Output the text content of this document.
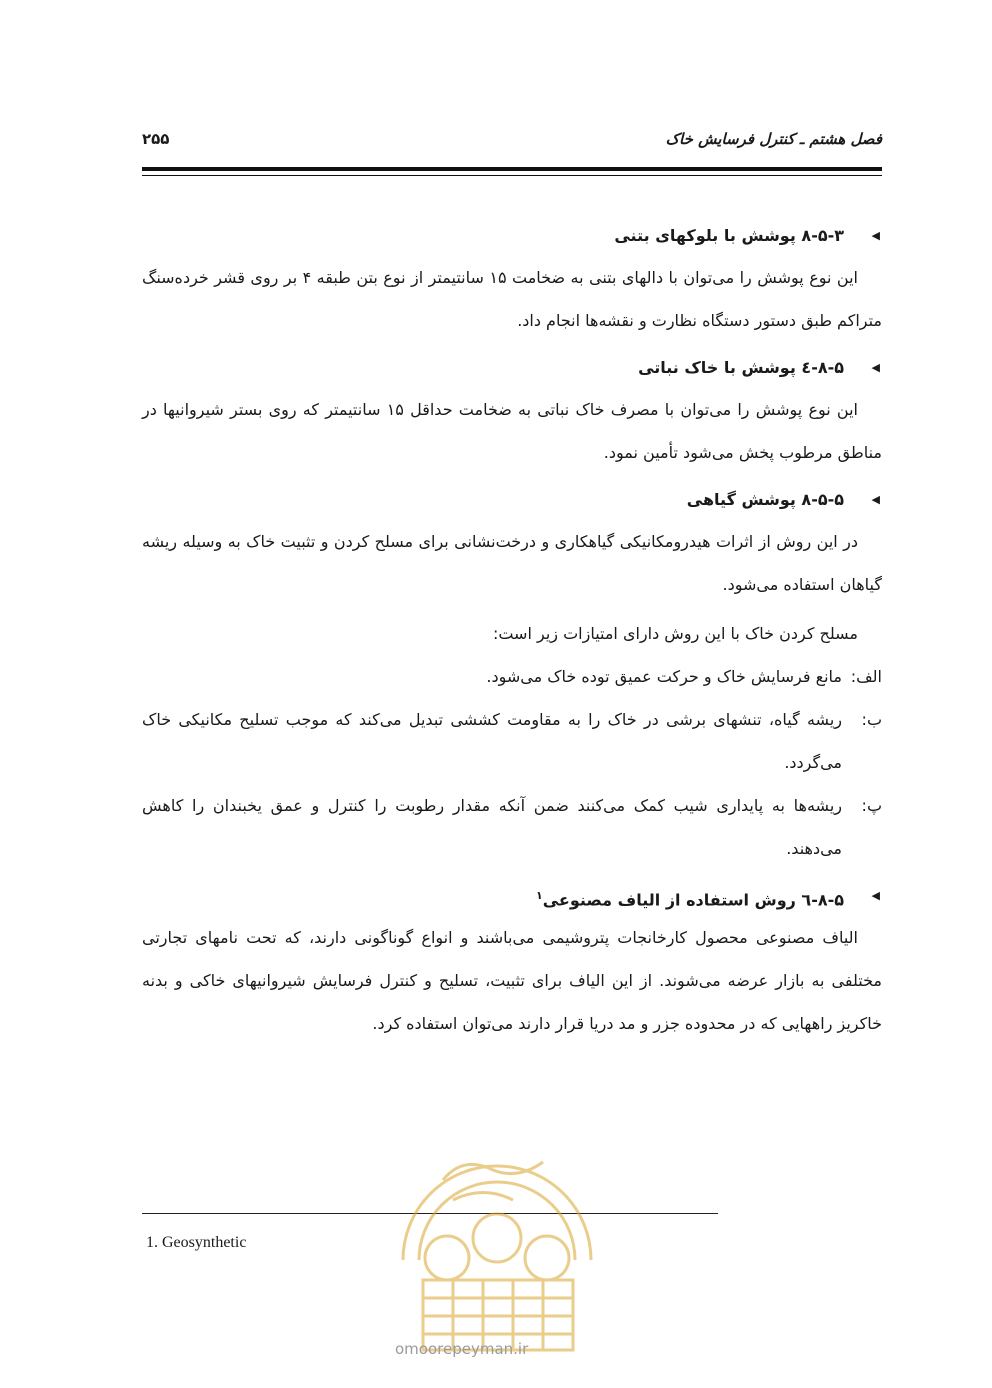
فصل هشتم ـ کنترل فرسایش خاک
۲۵۵
◀
۸-۵-۳ پوشش با بلوکهای بتنی

این نوع پوشش را می‌توان با دالهای بتنی به ضخامت ۱۵ سانتیمتر از نوع بتن طبقه ۴ بر روی قشر خرده‌سنگ متراکم طبق دستور دستگاه نظارت و نقشه‌ها انجام داد.

◀
۸-۵-٤ پوشش با خاک نباتی

این نوع پوشش را می‌توان با مصرف خاک نباتی به ضخامت حداقل ۱۵ سانتیمتر که روی بستر شیروانیها در مناطق مرطوب پخش می‌شود تأمین نمود.

◀
۸-۵-۵ پوشش گیاهی

در این روش از اثرات هیدرومکانیکی گیاهکاری و درخت‌نشانی برای مسلح کردن و تثبیت خاک به وسیله ریشه گیاهان استفاده می‌شود.

مسلح کردن خاک با این روش دارای امتیازات زیر است:

الف:
مانع فرسایش خاک و حرکت عمیق توده خاک می‌شود.
ب:
ریشه گیاه، تنشهای برشی در خاک را به مقاومت کششی تبدیل می‌کند که موجب تسلیح مکانیکی خاک می‌گردد.
پ:
ریشه‌ها به پایداری شیب کمک می‌کنند ضمن آنکه مقدار رطوبت را کنترل و عمق یخبندان را کاهش می‌دهند.
◀
۸-۵-٦ روش استفاده از الیاف مصنوعی$^۱$

الیاف مصنوعی محصول کارخانجات پتروشیمی می‌باشند و انواع گوناگونی دارند، که تحت نامهای تجارتی مختلفی به بازار عرضه می‌شوند. از این الیاف برای تثبیت، تسلیح و کنترل فرسایش شیروانیهای خاکی و بدنه خاکریز راههایی که در محدوده جزر و مد دریا قرار دارند می‌توان استفاده کرد.

1. Geosynthetic
omoorepeyman.ir
